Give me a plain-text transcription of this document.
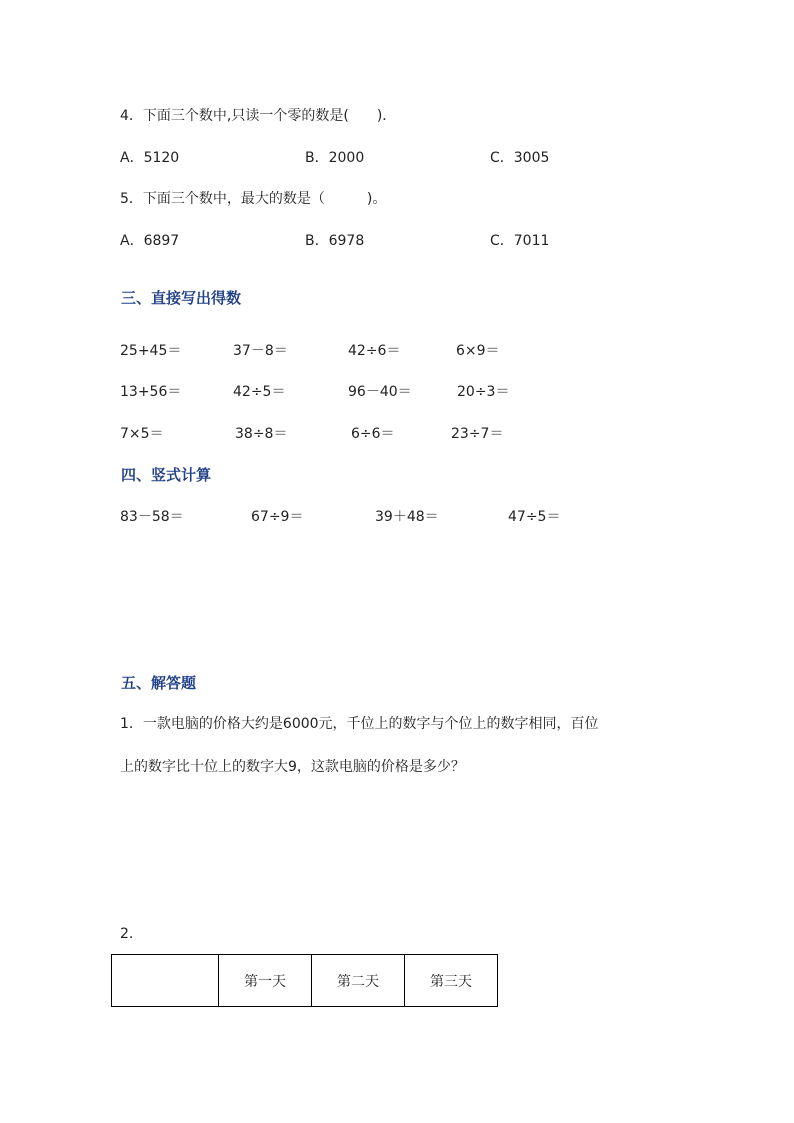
4．下面三个数中,只读一个零的数是(　　)．
A．5120	B．2000	C．3005
5．下面三个数中，最大的数是（　　　)。
A．6897	B．6978	C．7011
三、直接写出得数
25+45＝	37－8＝	42÷6＝	6×9＝
13+56＝	42÷5＝	96－40＝	20÷3＝
7×5＝	38÷8＝	6÷6＝	23÷7＝
四、竖式计算
83－58＝	67÷9＝	39＋48＝	47÷5＝
五、解答题
1．一款电脑的价格大约是6000元，千位上的数字与个位上的数字相同，百位
上的数字比十位上的数字大9，这款电脑的价格是多少？
2.
	第一天	第二天	第三天
